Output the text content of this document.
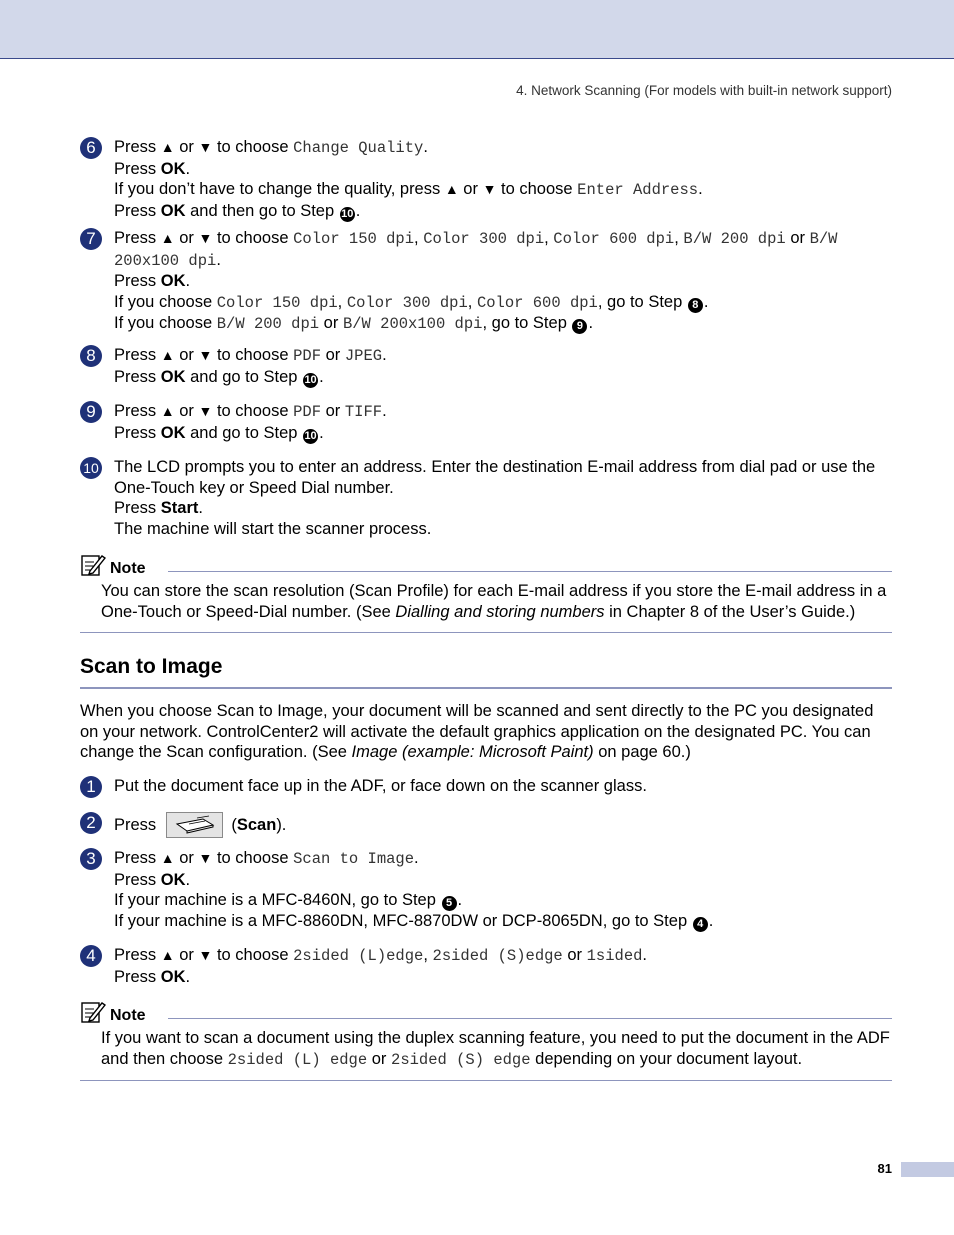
4. Network Scanning (For models with built-in network support)
6	Press ▲ or ▼ to choose Change Quality.
Press OK.
If you don’t have to change the quality, press ▲ or ▼ to choose Enter Address.
Press OK and then go to Step 10 .
7	Press ▲ or ▼ to choose Color 150 dpi, Color 300 dpi, Color 600 dpi, B/W 200 dpi or B/W 200x100 dpi.
Press OK.
If you choose Color 150 dpi, Color 300 dpi, Color 600 dpi, go to Step 8 .
If you choose B/W 200 dpi or B/W 200x100 dpi, go to Step 9 .
8	Press ▲ or ▼ to choose PDF or JPEG.
Press OK and go to Step 10 .
9	Press ▲ or ▼ to choose PDF or TIFF.
Press OK and go to Step 10 .
10 The LCD prompts you to enter an address. Enter the destination E-mail address from dial pad or use the One-Touch key or Speed Dial number.
Press Start.
The machine will start the scanner process.
Note
You can store the scan resolution (Scan Profile) for each E-mail address if you store the E-mail address in a One-Touch or Speed-Dial number. (See Dialling and storing numbers in Chapter 8 of the User’s Guide.)
Scan to Image
When you choose Scan to Image, your document will be scanned and sent directly to the PC you designated on your network. ControlCenter2 will activate the default graphics application on the designated PC. You can change the Scan configuration. (See Image (example: Microsoft Paint) on page 60.)
1	Put the document face up in the ADF, or face down on the scanner glass.
2	Press	(Scan).
3	Press ▲ or ▼ to choose Scan to Image.
Press OK.
If your machine is a MFC-8460N, go to Step 5 .
If your machine is a MFC-8860DN, MFC-8870DW or DCP-8065DN, go to Step 4 .
4	Press ▲ or ▼ to choose 2sided (L)edge, 2sided (S)edge or 1sided.
Press OK.
Note
If you want to scan a document using the duplex scanning feature, you need to put the document in the ADF and then choose 2sided (L) edge or 2sided (S) edge depending on your document layout.
81
